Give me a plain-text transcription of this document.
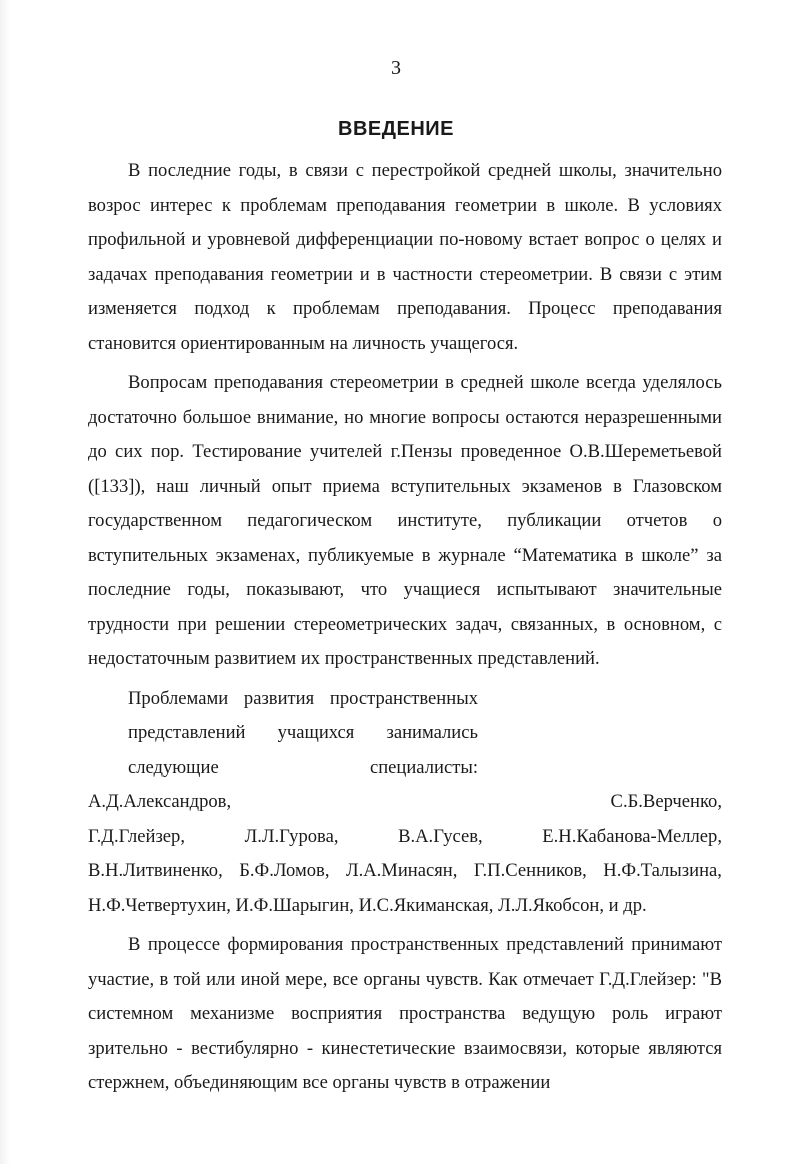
3
ВВЕДЕНИЕ

В последние годы, в связи с перестройкой средней школы, значительно возрос интерес к проблемам преподавания геометрии в школе. В условиях профильной и уровневой дифференциации по-новому встает вопрос о целях и задачах преподавания геометрии и в частности стереометрии. В связи с этим изменяется подход к проблемам преподавания. Процесс преподавания становится ориентированным на личность учащегося.

Вопросам преподавания стереометрии в средней школе всегда уделялось достаточно большое внимание, но многие вопросы остаются неразрешенными до сих пор. Тестирование учителей г.Пензы проведенное О.В.Шереметьевой ([133]), наш личный опыт приема вступительных экзаменов в Глазовском государственном педагогическом институте, публикации отчетов о вступительных экзаменах, публикуемые в журнале “Математика в школе” за последние годы, показывают, что учащиеся испытывают значительные трудности при решении стереометрических задач, связанных, в основном, с недостаточным развитием их пространственных представлений.

Проблемами развития пространственных представлений учащихся занимались следующие специалисты:
А.Д.Александров,	С.Б.Верченко,
Г.Д.Глейзер,	Л.Л.Гурова,	В.А.Гусев,	Е.Н.Кабанова-Меллер,
В.Н.Литвиненко, Б.Ф.Ломов, Л.А.Минасян, Г.П.Сенников, Н.Ф.Талызина,
Н.Ф.Четвертухин,
И.Ф.Шарыгин,
И.С.Якиманская,
Л.Л.Якобсон,
и др.

В процессе формирования пространственных представлений принимают участие, в той или иной мере, все органы чувств. Как отмечает Г.Д.Глейзер: "В системном механизме восприятия пространства ведущую роль играют зрительно - вестибулярно - кинестетические взаимосвязи, которые являются стержнем, объединяющим все органы чувств в отражении
